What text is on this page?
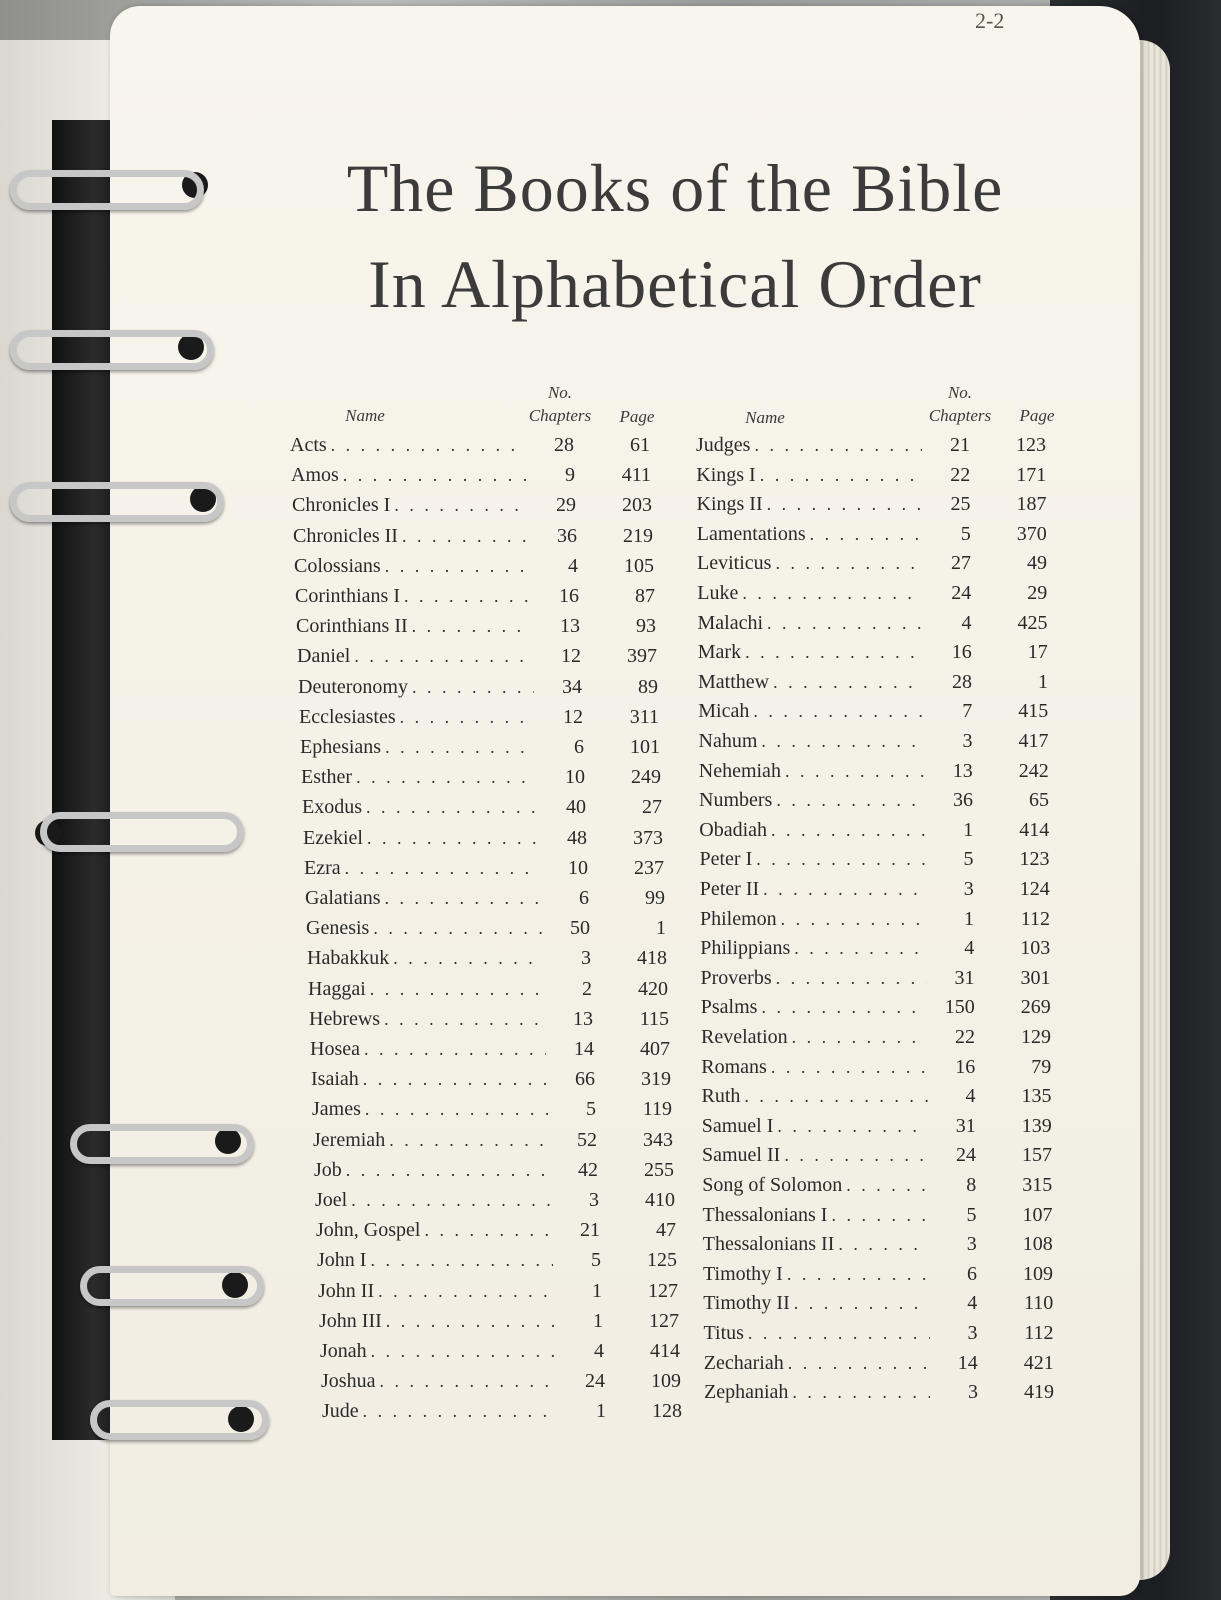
2-2
The Books of the Bible
In Alphabetical Order
Name
No.
Chapters	Page	Name
No.
Chapters	Page
Acts . . .	28	61
Amos . . .	9	411
Chronicles I . . .	29	203
Chronicles II . . .	36	219
Colossians . . .	4	105
Corinthians I . . .	16	87
Corinthians II . . .	13	93
Daniel . . .	12	397
Deuteronomy . . .	34	89
Ecclesiastes . . .	12	311
Ephesians . . .	6	101
Esther . . .	10	249
Exodus . . .	40	27
Ezekiel . . .	48	373
Ezra . . .	10	237
Galatians . . .	6	99
Genesis . . .	50	1
Habakkuk . . .	3	418
Haggai . . .	2	420
Hebrews . . .	13	115
Hosea . . .	14	407
Isaiah . . .	66	319
James . . .	5	119
Jeremiah . . .	52	343
Job . . .	42	255
Joel . . .	3	410
John, Gospel . . .	21	47
John I . . .	5	125
John II . . .	1	127
John III . . .	1	127
Jonah . . .	4	414
Joshua . . .	24	109
Jude . . .	1	128
Judges . . .	21	123
Kings I . . .	22	171
Kings II . . .	25	187
Lamentations . . .	5	370
Leviticus . . .	27	49
Luke . . .	24	29
Malachi . . .	4	425
Mark . . .	16	17
Matthew . . .	28	1
Micah . . .	7	415
Nahum . . .	3	417
Nehemiah . . .	13	242
Numbers . . .	36	65
Obadiah . . .	1	414
Peter I . . .	5	123
Peter II . . .	3	124
Philemon . . .	1	112
Philippians . . .	4	103
Proverbs . . .	31	301
Psalms . . .	150	269
Revelation . . .	22	129
Romans . . .	16	79
Ruth . . .	4	135
Samuel I . . .	31	139
Samuel II . . .	24	157
Song of Solomon . . .	8	315
Thessalonians I . . .	5	107
Thessalonians II . . .	3	108
Timothy I . . .	6	109
Timothy II . . .	4	110
Titus . . .	3	112
Zechariah . . .	14	421
Zephaniah . . .	3	419
